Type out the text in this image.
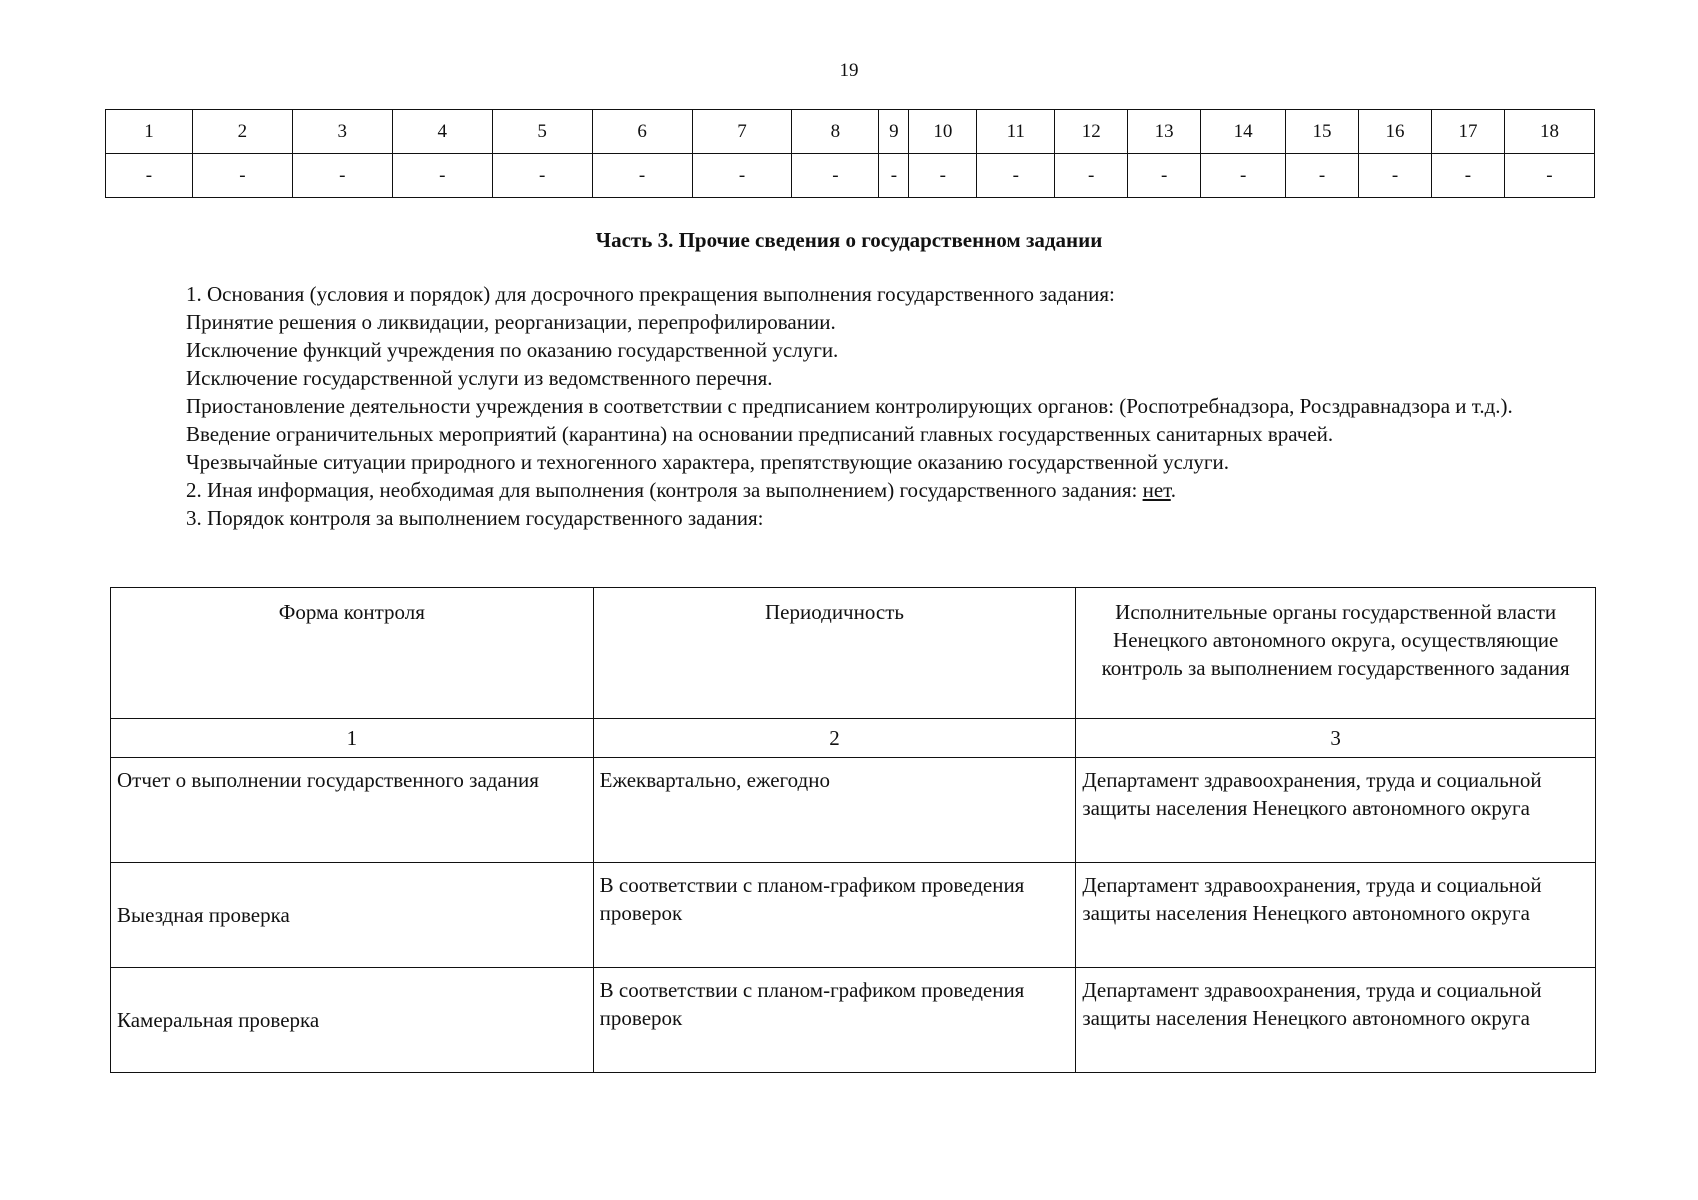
19
1	2	3	4	5	6	7	8	9	10	11	12	13	14	15	16	17	18
-	-	-	-	-	-	-	-	-	-	-	-	-	-	-	-	-	-
Часть 3. Прочие сведения о государственном задании

1. Основания (условия и порядок) для досрочного прекращения выполнения государственного задания:

Принятие решения о ликвидации, реорганизации, перепрофилировании.

Исключение функций учреждения по оказанию государственной услуги.

Исключение государственной услуги из ведомственного перечня.

Приостановление деятельности учреждения в соответствии с предписанием контролирующих органов: (Роспотребнадзора, Росздравнадзора и т.д.).

Введение ограничительных мероприятий (карантина) на основании предписаний главных государственных санитарных врачей.

Чрезвычайные ситуации природного и техногенного характера, препятствующие оказанию государственной услуги.

2. Иная информация, необходимая для выполнения (контроля за выполнением) государственного задания: нет.

3. Порядок контроля за выполнением государственного задания:

Форма контроля	Периодичность	Исполнительные органы государственной власти Ненецкого автономного округа, осуществляющие контроль за выполнением государственного задания
1	2	3
Отчет о выполнении государственного задания	Ежеквартально, ежегодно	Департамент здравоохранения, труда и социальной защиты населения Ненецкого автономного округа
Выездная проверка	В соответствии с планом-графиком проведения проверок	Департамент здравоохранения, труда и социальной защиты населения Ненецкого автономного округа
Камеральная проверка	В соответствии с планом-графиком проведения проверок	Департамент здравоохранения, труда и социальной защиты населения Ненецкого автономного округа
